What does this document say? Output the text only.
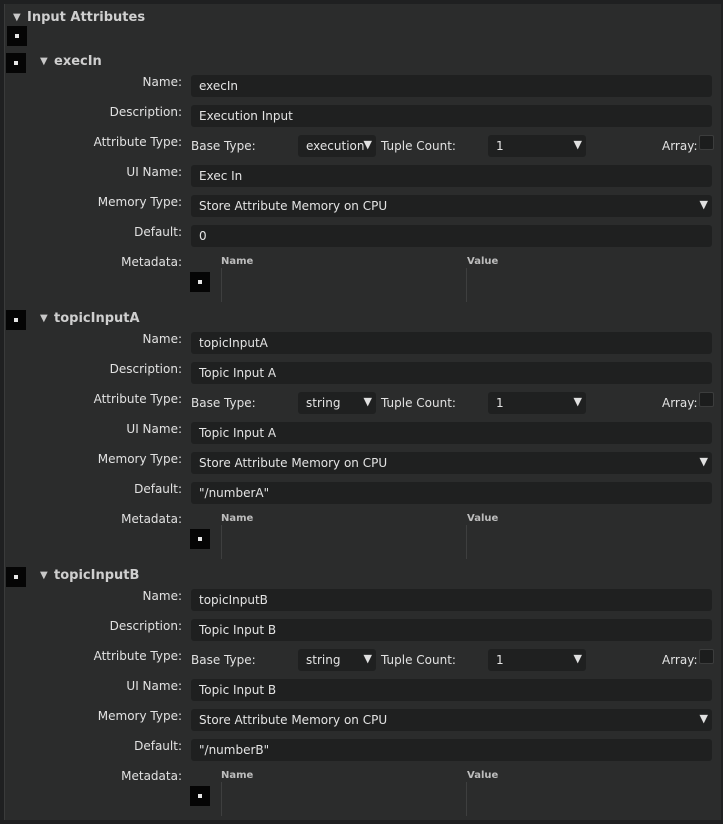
▼ Input Attributes
▼ execIn
Name:	execIn
Description:	Execution Input
Attribute Type: Base Type:	execution ▼ Tuple Count:	1	▼	Array:
UI Name:	Exec In
Memory Type: Store Attribute Memory on CPU	▼
Default:	0
Metadata:	Name	Value
▼ topicInputA
Name:	topicInputA
Description:	Topic Input A
Attribute Type: Base Type:	string ▼ Tuple Count:	1	▼	Array:
UI Name:	Topic Input A
Memory Type: Store Attribute Memory on CPU	▼
Default:	"/numberA"
Metadata:	Name	Value
▼ topicInputB
Name:	topicInputB
Description:	Topic Input B
Attribute Type: Base Type:	string ▼ Tuple Count:	1	▼	Array:
UI Name:	Topic Input B
Memory Type: Store Attribute Memory on CPU	▼
Default:	"/numberB"
Metadata:	Name	Value
